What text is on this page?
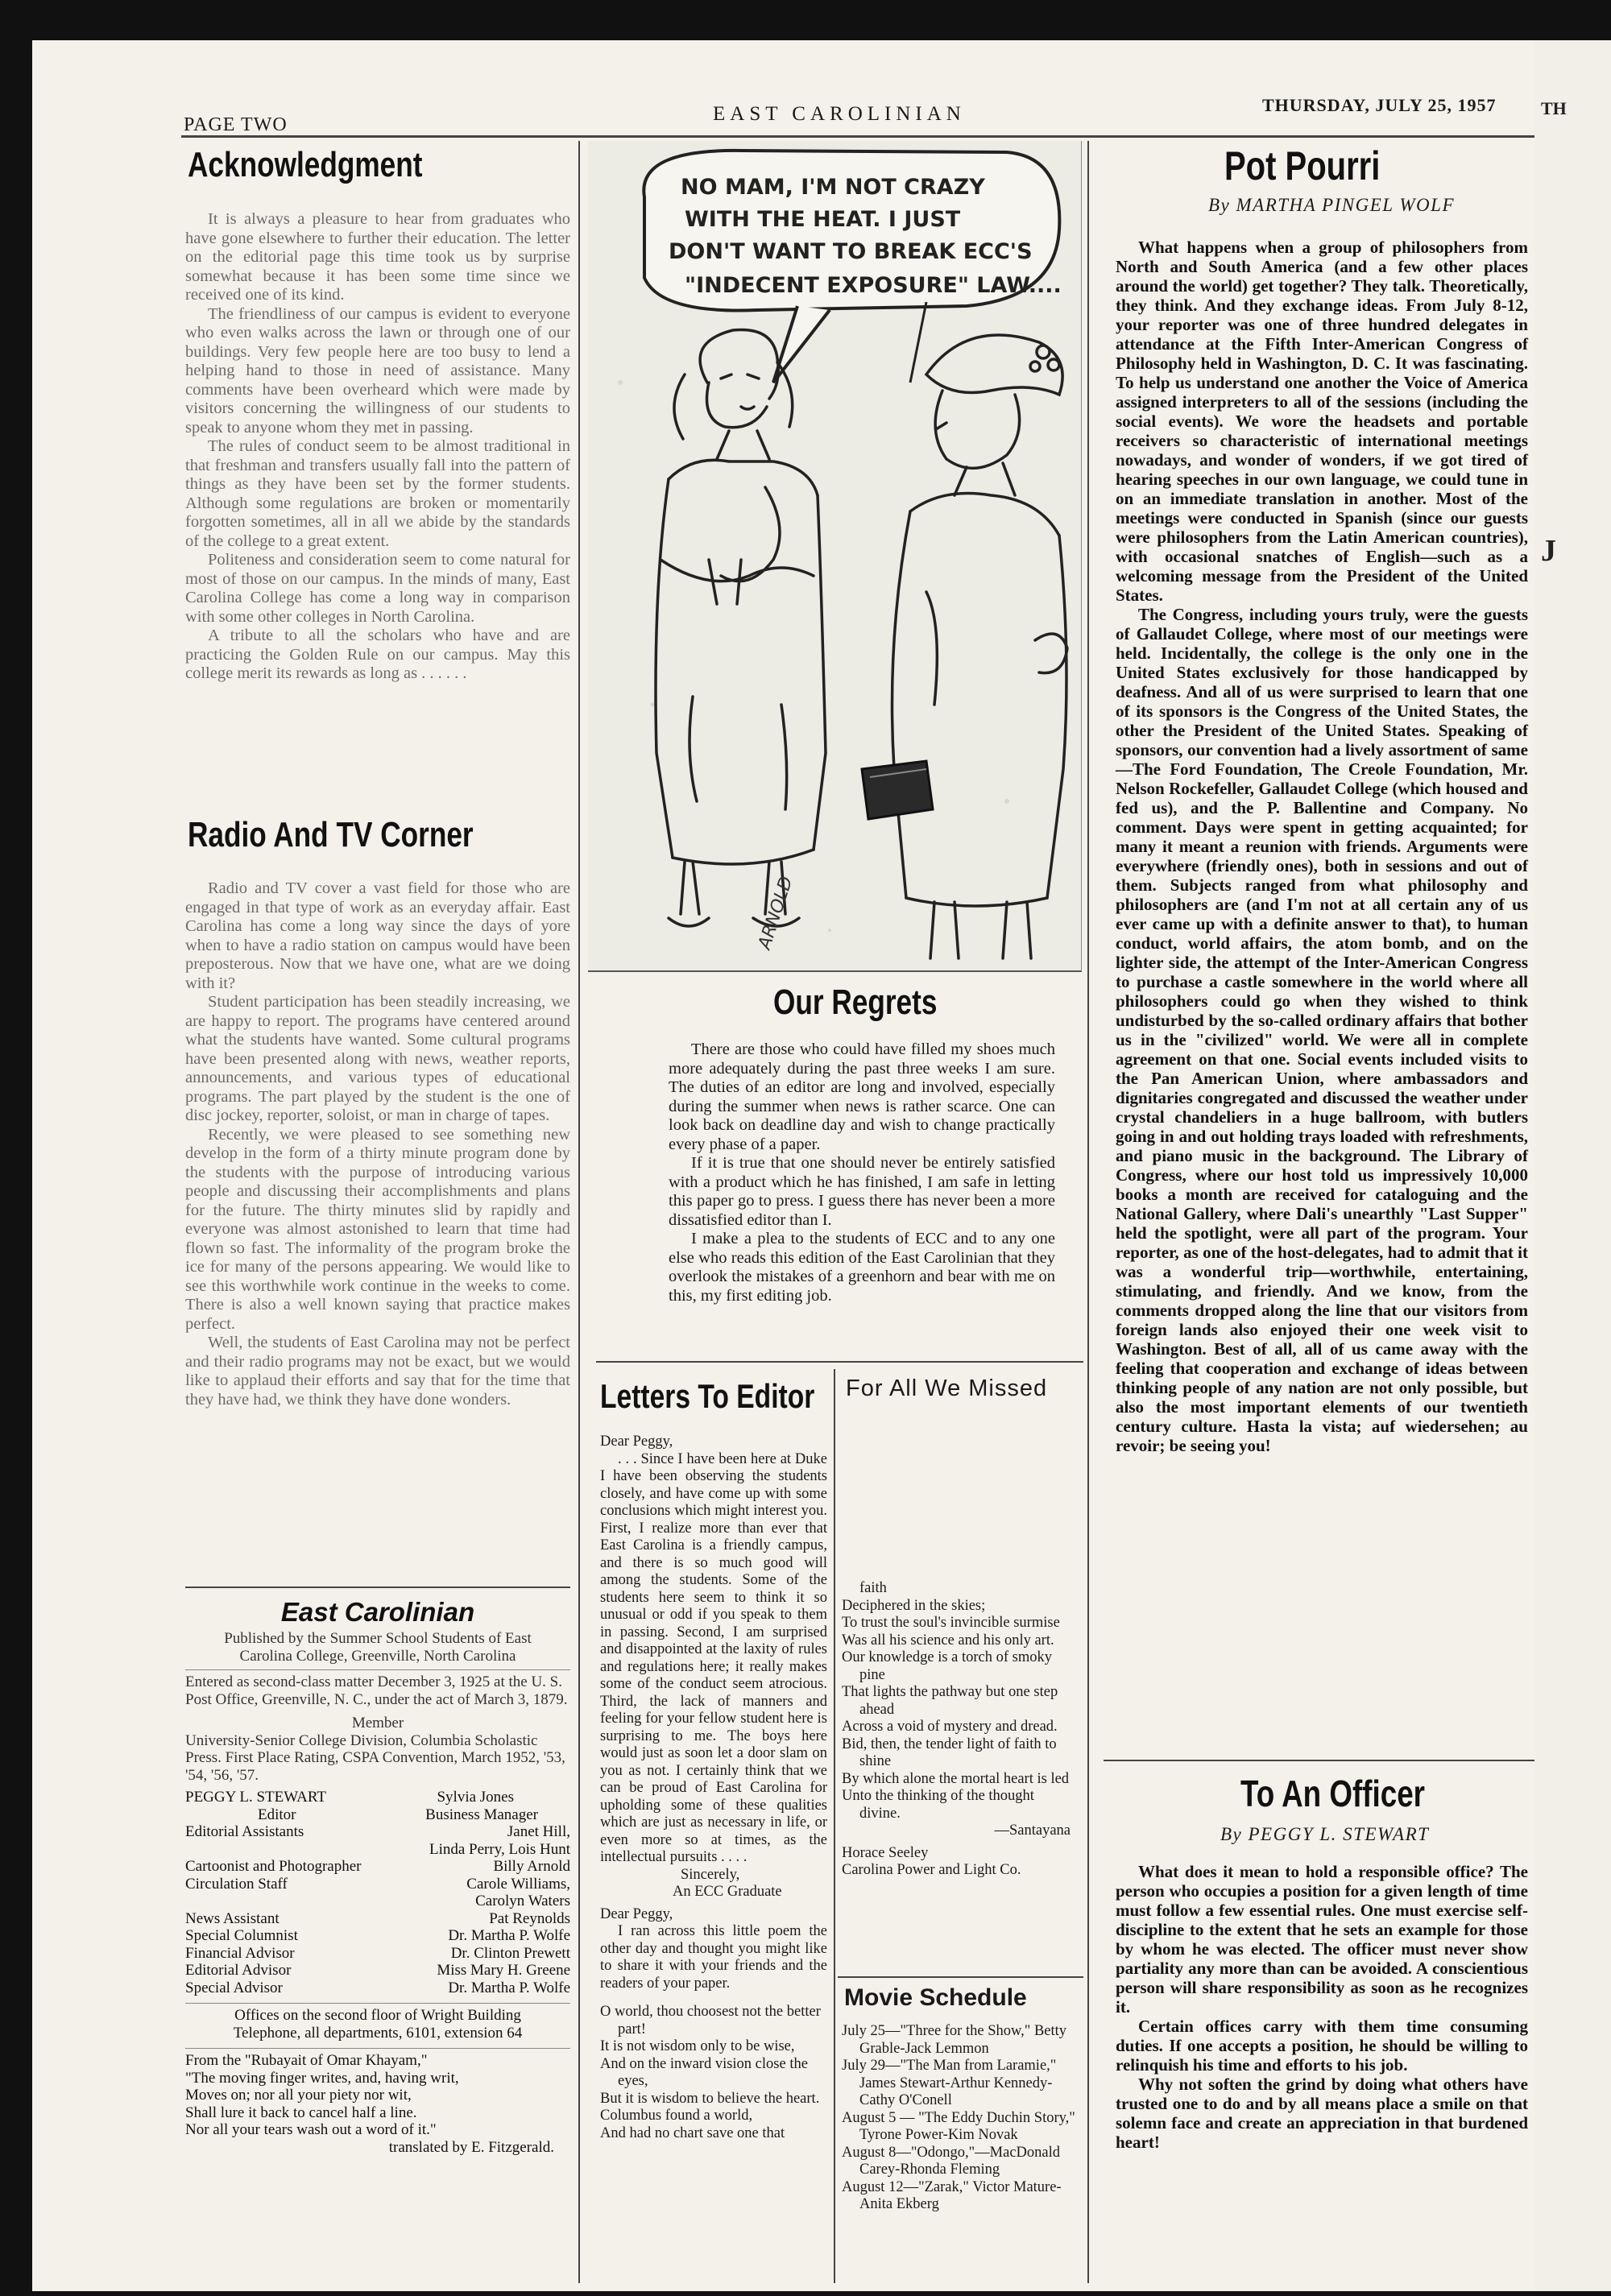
PAGE TWO	EAST CAROLINIAN	THURSDAY, JULY 25, 1957
Acknowledgment

It is always a pleasure to hear from graduates who have gone elsewhere to further their education. The letter on the editorial page this time took us by surprise somewhat because it has been some time since we received one of its kind.

The friendliness of our campus is evident to everyone who even walks across the lawn or through one of our buildings. Very few people here are too busy to lend a helping hand to those in need of assistance. Many comments have been overheard which were made by visitors concerning the willingness of our students to speak to anyone whom they met in passing.

The rules of conduct seem to be almost traditional in that freshman and transfers usually fall into the pattern of things as they have been set by the former students. Although some regulations are broken or momentarily forgotten sometimes, all in all we abide by the standards of the college to a great extent.

Politeness and consideration seem to come natural for most of those on our campus. In the minds of many, East Carolina College has come a long way in comparison with some other colleges in North Carolina.

A tribute to all the scholars who have and are practicing the Golden Rule on our campus. May this college merit its rewards as long as . . . . . .

Radio And TV Corner

Radio and TV cover a vast field for those who are engaged in that type of work as an everyday affair. East Carolina has come a long way since the days of yore when to have a radio station on campus would have been preposterous. Now that we have one, what are we doing with it?

Student participation has been steadily increasing, we are happy to report. The programs have centered around what the students have wanted. Some cultural programs have been presented along with news, weather reports, announcements, and various types of educational programs. The part played by the student is the one of disc jockey, reporter, soloist, or man in charge of tapes.

Recently, we were pleased to see something new develop in the form of a thirty minute program done by the students with the purpose of introducing various people and discussing their accomplishments and plans for the future. The thirty minutes slid by rapidly and everyone was almost astonished to learn that time had flown so fast. The informality of the program broke the ice for many of the persons appearing. We would like to see this worthwhile work continue in the weeks to come. There is also a well known saying that practice makes perfect.

Well, the students of East Carolina may not be perfect and their radio programs may not be exact, but we would like to applaud their efforts and say that for the time that they have had, we think they have done wonders.

East Carolinian

Published by the Summer School Students of East Carolina College, Greenville, North Carolina

Entered as second-class matter December 3, 1925 at the U. S. Post Office, Greenville, N. C., under the act of March 3, 1879.

Member

University-Senior College Division, Columbia Scholastic Press. First Place Rating, CSPA Convention, March 1952, '53, '54, '56, '57.

PEGGY L. STEWART	Sylvia Jones
Editor	Business Manager
Editorial Assistants	Janet Hill,
Linda Perry, Lois Hunt
Cartoonist and Photographer	Billy Arnold
Circulation Staff	Carole Williams,
Carolyn Waters
News Assistant	Pat Reynolds
Special Columnist	Dr. Martha P. Wolfe
Financial Advisor	Dr. Clinton Prewett
Editorial Advisor	Miss Mary H. Greene
Special Advisor	Dr. Martha P. Wolfe

Offices on the second floor of Wright Building

Telephone, all departments, 6101, extension 64

From the "Rubayait of Omar Khayam,"

"The moving finger writes, and, having writ,

Moves on; nor all your piety nor wit,

Shall lure it back to cancel half a line.

Nor all your tears wash out a word of it."

translated by E. Fitzgerald.

NO MAM, I'M NOT CRAZY
WITH THE HEAT. I JUST
DON'T WANT TO BREAK ECC'S
"INDECENT EXPOSURE" LAW....
ARNOLD
Our Regrets

There are those who could have filled my shoes much more adequately during the past three weeks I am sure. The duties of an editor are long and involved, especially during the summer when news is rather scarce. One can look back on deadline day and wish to change practically every phase of a paper.

If it is true that one should never be entirely satisfied with a product which he has finished, I am safe in letting this paper go to press. I guess there has never been a more dissatisfied editor than I.

I make a plea to the students of ECC and to any one else who reads this edition of the East Carolinian that they overlook the mistakes of a greenhorn and bear with me on this, my first editing job.

Letters To Editor

Dear Peggy,

. . . Since I have been here at Duke I have been observing the students closely, and have come up with some conclusions which might interest you. First, I realize more than ever that East Carolina is a friendly campus, and there is so much good will among the students. Some of the students here seem to think it so unusual or odd if you speak to them in passing. Second, I am surprised and disappointed at the laxity of rules and regulations here; it really makes some of the conduct seem atrocious. Third, the lack of manners and feeling for your fellow student here is surprising to me. The boys here would just as soon let a door slam on you as not. I certainly think that we can be proud of East Carolina for upholding some of these qualities which are just as necessary in life, or even more so at times, as the intellectual pursuits . . . .

Sincerely,

An ECC Graduate

Dear Peggy,

I ran across this little poem the other day and thought you might like to share it with your friends and the readers of your paper.

O world, thou choosest not the better part!

It is not wisdom only to be wise,

And on the inward vision close the eyes,

But it is wisdom to believe the heart.

Columbus found a world,

And had no chart save one that

For All We Missed

faith

Deciphered in the skies;

To trust the soul's invincible surmise

Was all his science and his only art.

Our knowledge is a torch of smoky pine

That lights the pathway but one step ahead

Across a void of mystery and dread.

Bid, then, the tender light of faith to shine

By which alone the mortal heart is led

Unto the thinking of the thought divine.

—Santayana

Horace Seeley

Carolina Power and Light Co.

Movie Schedule

July 25—"Three for the Show," Betty Grable-Jack Lemmon

July 29—"The Man from Laramie," James Stewart-Arthur Kennedy-Cathy O'Conell

August 5 — "The Eddy Duchin Story," Tyrone Power-Kim Novak

August 8—"Odongo,"—MacDonald Carey-Rhonda Fleming

August 12—"Zarak," Victor Mature-Anita Ekberg

Pot Pourri
By MARTHA PINGEL WOLF

What happens when a group of philosophers from North and South America (and a few other places around the world) get together? They talk. Theoretically, they think. And they exchange ideas. From July 8-12, your reporter was one of three hundred delegates in attendance at the Fifth Inter-American Congress of Philosophy held in Washington, D. C. It was fascinating. To help us understand one another the Voice of America assigned interpreters to all of the sessions (including the social events). We wore the headsets and portable receivers so characteristic of international meetings nowadays, and wonder of wonders, if we got tired of hearing speeches in our own language, we could tune in on an immediate translation in another. Most of the meetings were conducted in Spanish (since our guests were philosophers from the Latin American countries), with occasional snatches of English—such as a welcoming message from the President of the United States.

The Congress, including yours truly, were the guests of Gallaudet College, where most of our meetings were held. Incidentally, the college is the only one in the United States exclusively for those handicapped by deafness. And all of us were surprised to learn that one of its sponsors is the Congress of the United States, the other the President of the United States. Speaking of sponsors, our convention had a lively assortment of same—The Ford Foundation, The Creole Foundation, Mr. Nelson Rockefeller, Gallaudet College (which housed and fed us), and the P. Ballentine and Company. No comment. Days were spent in getting acquainted; for many it meant a reunion with friends. Arguments were everywhere (friendly ones), both in sessions and out of them. Subjects ranged from what philosophy and philosophers are (and I'm not at all certain any of us ever came up with a definite answer to that), to human conduct, world affairs, the atom bomb, and on the lighter side, the attempt of the Inter-American Congress to purchase a castle somewhere in the world where all philosophers could go when they wished to think undisturbed by the so-called ordinary affairs that bother us in the "civilized" world. We were all in complete agreement on that one. Social events included visits to the Pan American Union, where ambassadors and dignitaries congregated and discussed the weather under crystal chandeliers in a huge ballroom, with butlers going in and out holding trays loaded with refreshments, and piano music in the background. The Library of Congress, where our host told us impressively 10,000 books a month are received for cataloguing and the National Gallery, where Dali's unearthly "Last Supper" held the spotlight, were all part of the program. Your reporter, as one of the host-delegates, had to admit that it was a wonderful trip—worthwhile, entertaining, stimulating, and friendly. And we know, from the comments dropped along the line that our visitors from foreign lands also enjoyed their one week visit to Washington. Best of all, all of us came away with the feeling that cooperation and exchange of ideas between thinking people of any nation are not only possible, but also the most important elements of our twentieth century culture. Hasta la vista; auf wiedersehen; au revoir; be seeing you!

To An Officer
By PEGGY L. STEWART

What does it mean to hold a responsible office? The person who occupies a position for a given length of time must follow a few essential rules. One must exercise self-discipline to the extent that he sets an example for those by whom he was elected. The officer must never show partiality any more than can be avoided. A conscientious person will share responsibility as soon as he recognizes it.

Certain offices carry with them time consuming duties. If one accepts a position, he should be willing to relinquish his time and efforts to his job.

Why not soften the grind by doing what others have trusted one to do and by all means place a smile on that solemn face and create an appreciation in that burdened heart!

TH
J
